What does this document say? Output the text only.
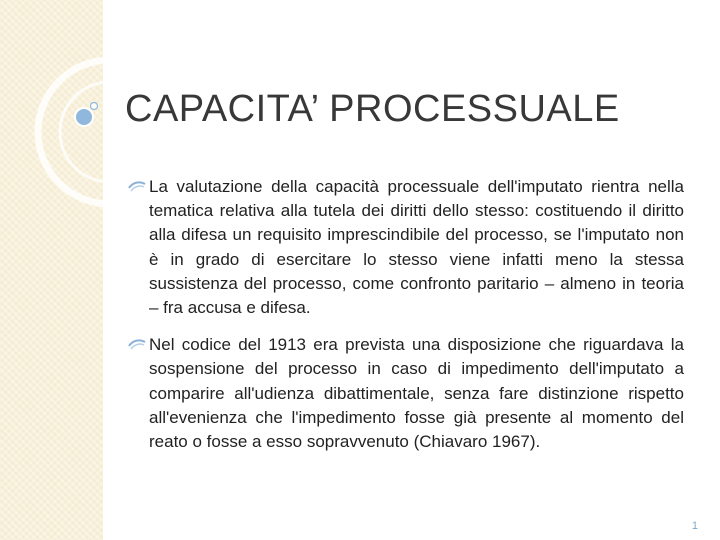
CAPACITA’ PROCESSUALE
La valutazione della capacità processuale dell'imputato rientra nella tematica relativa alla tutela dei diritti dello stesso: costituendo il diritto alla difesa un requisito imprescindibile del processo, se l'imputato non è in grado di esercitare lo stesso viene infatti meno la stessa sussistenza del processo, come confronto paritario – almeno in teoria – fra accusa e difesa.
Nel codice del 1913 era prevista una disposizione che riguardava la sospensione del processo in caso di impedimento dell'imputato a comparire all'udienza dibattimentale, senza fare distinzione rispetto all'evenienza che l'impedimento fosse già presente al momento del reato o fosse a esso sopravvenuto (Chiavaro 1967).
1
